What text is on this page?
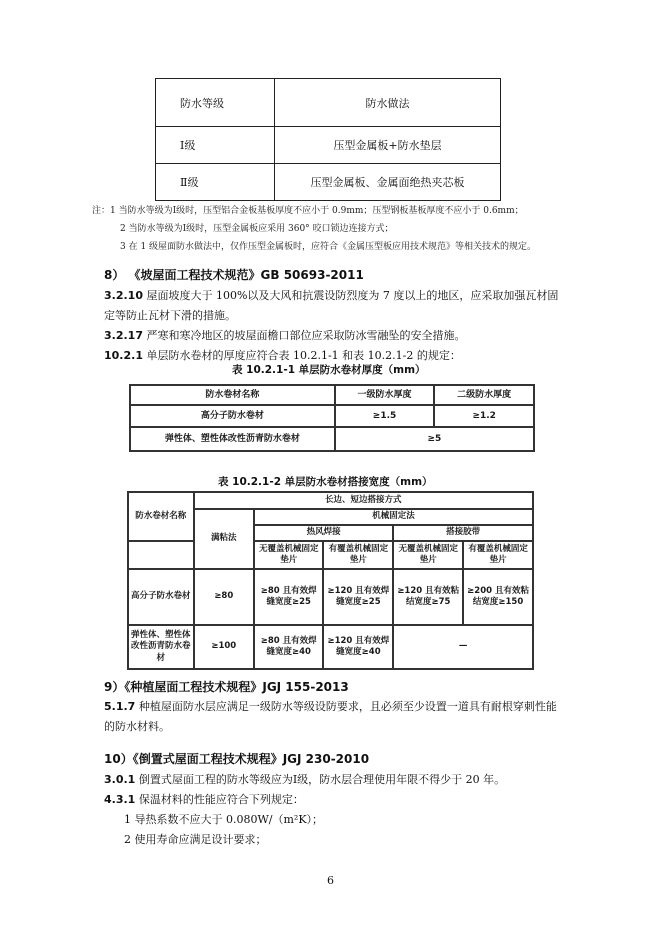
防水等级	防水做法
Ⅰ级	压型金属板+防水垫层
Ⅱ级	压型金属板、金属面绝热夹芯板
注：1 当防水等级为Ⅰ级时，压型铝合金板基板厚度不应小于 0.9mm；压型钢板基板厚度不应小于 0.6mm；
2 当防水等级为Ⅰ级时，压型金属板应采用 360° 咬口锁边连接方式；
3 在 1 级屋面防水做法中，仅作压型金属板时，应符合《金属压型板应用技术规范》等相关技术的规定。
8） 《坡屋面工程技术规范》GB 50693-2011
3.2.10 屋面坡度大于 100%以及大风和抗震设防烈度为 7 度以上的地区，应采取加强瓦材固
定等防止瓦材下滑的措施。
3.2.17 严寒和寒冷地区的坡屋面檐口部位应采取防冰雪融坠的安全措施。
10.2.1 单层防水卷材的厚度应符合表 10.2.1-1 和表 10.2.1-2 的规定：
表 10.2.1-1 单层防水卷材厚度（mm）
防水卷材名称	一级防水厚度	二级防水厚度
高分子防水卷材	≥1.5	≥1.2
弹性体、塑性体改性沥青防水卷材	≥5	
表 10.2.1-2 单层防水卷材搭接宽度（mm）
防水卷材名称	长边、短边搭接方式				
	满粘法	机械固定法			
		热风焊接		搭接胶带	
		无覆盖机械固定垫片	有覆盖机械固定垫片	无覆盖机械固定垫片	有覆盖机械固定垫片
高分子防水卷材	≥80	≥80 且有效焊缝宽度≥25	≥120 且有效焊缝宽度≥25	≥120 且有效粘结宽度≥75	≥200 且有效粘结宽度≥150
弹性体、塑性体改性沥青防水卷材	≥100	≥80 且有效焊缝宽度≥40	≥120 且有效焊缝宽度≥40	—	
9）《种植屋面工程技术规程》JGJ 155-2013
5.1.7 种植屋面防水层应满足一级防水等级设防要求，且必须至少设置一道具有耐根穿刺性能
的防水材料。
10）《倒置式屋面工程技术规程》JGJ 230-2010
3.0.1 倒置式屋面工程的防水等级应为Ⅰ级，防水层合理使用年限不得少于 20 年。
4.3.1 保温材料的性能应符合下列规定：
1 导热系数不应大于 0.080W/（m²K）；
2 使用寿命应满足设计要求；
6
